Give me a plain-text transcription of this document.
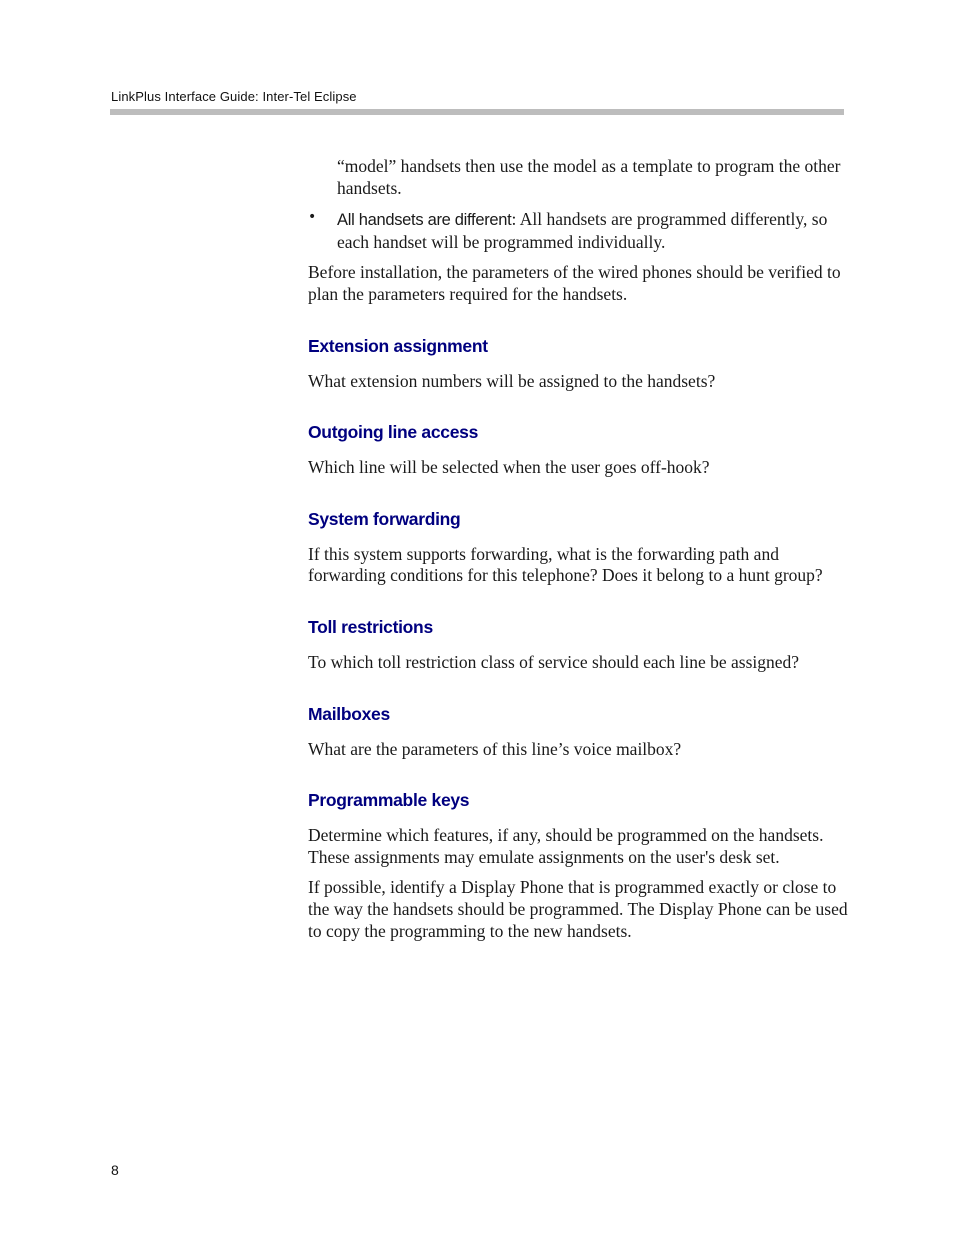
LinkPlus Interface Guide: Inter-Tel Eclipse

“model” handsets then use the model as a template to program the other handsets.

• All handsets are different: All handsets are programmed differently, so each handset will be programmed individually.

Before installation, the parameters of the wired phones should be verified to plan the parameters required for the handsets.

Extension assignment

What extension numbers will be assigned to the handsets?

Outgoing line access

Which line will be selected when the user goes off-hook?

System forwarding

If this system supports forwarding, what is the forwarding path and forwarding conditions for this telephone? Does it belong to a hunt group?

Toll restrictions

To which toll restriction class of service should each line be assigned?

Mailboxes

What are the parameters of this line’s voice mailbox?

Programmable keys

Determine which features, if any, should be programmed on the handsets. These assignments may emulate assignments on the user's desk set.

If possible, identify a Display Phone that is programmed exactly or close to the way the handsets should be programmed. The Display Phone can be used to copy the programming to the new handsets.

8
